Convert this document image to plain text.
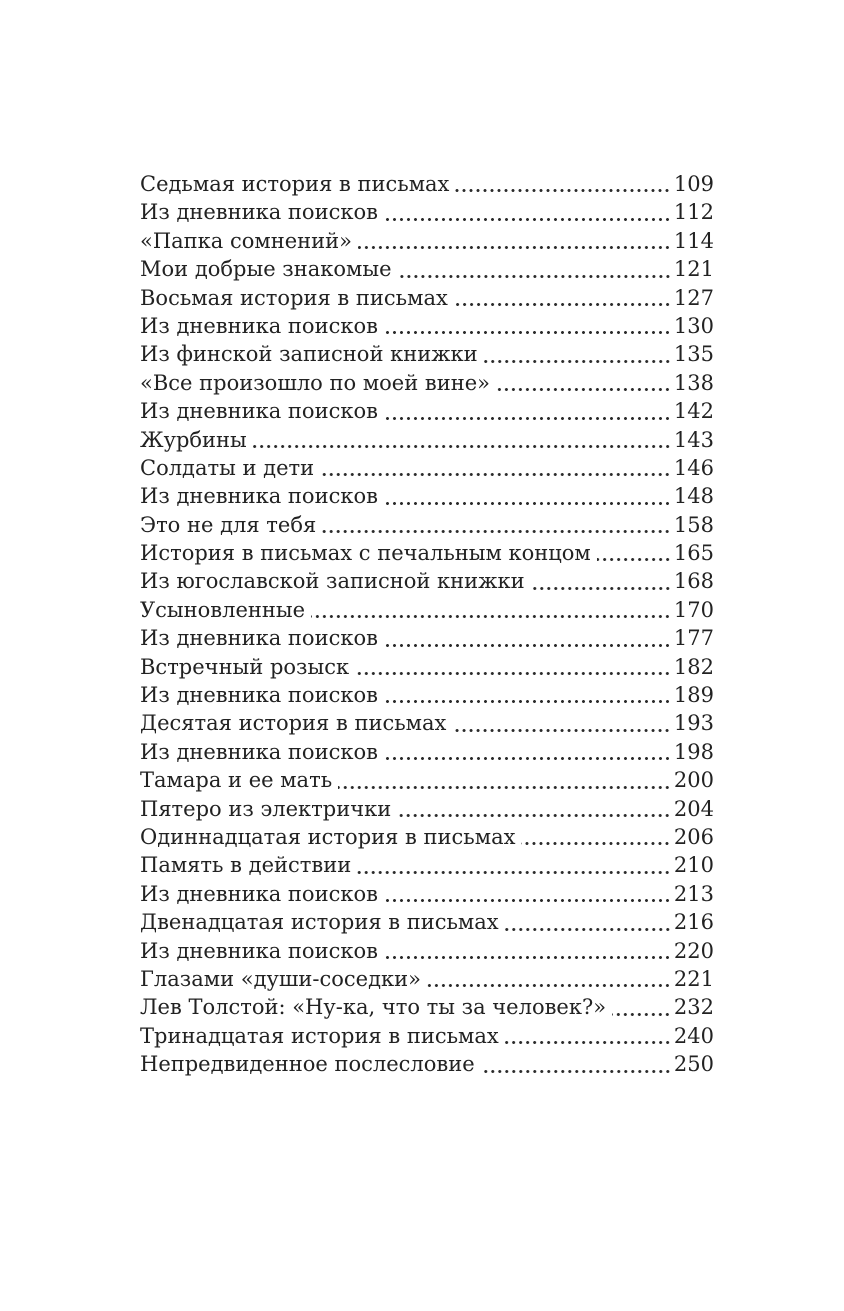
Седьмая история в письмах	109
Из дневника поисков	112
«Папка сомнений»	114
Мои добрые знакомые	121
Восьмая история в письмах	127
Из дневника поисков	130
Из финской записной книжки	135
«Все произошло по моей вине»	138
Из дневника поисков	142
Журбины	143
Солдаты и дети	146
Из дневника поисков	148
Это не для тебя	158
История в письмах с печальным концом	165
Из югославской записной книжки	168
Усыновленные	170
Из дневника поисков	177
Встречный розыск	182
Из дневника поисков	189
Десятая история в письмах	193
Из дневника поисков	198
Тамара и ее мать	200
Пятеро из электрички	204
Одиннадцатая история в письмах	206
Память в действии	210
Из дневника поисков	213
Двенадцатая история в письмах	216
Из дневника поисков	220
Глазами «души-соседки»	221
Лев Толстой: «Ну-ка, что ты за человек?»	232
Тринадцатая история в письмах	240
Непредвиденное послесловие	250
